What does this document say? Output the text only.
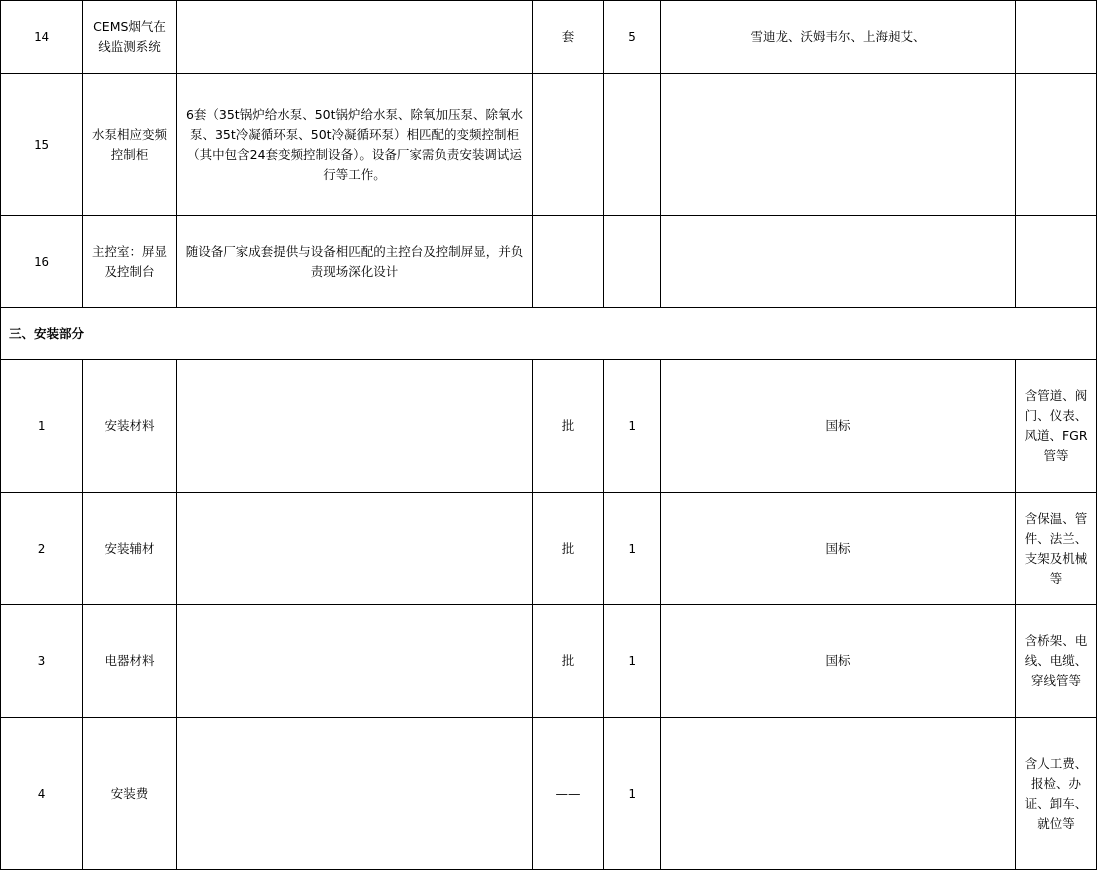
14	CEMS烟气在线监测系统		套	5	雪迪龙、沃姆韦尔、上海昶艾、	
15	水泵相应变频控制柜	6套（35t锅炉给水泵、50t锅炉给水泵、除氧加压泵、除氧水泵、35t冷凝循环泵、50t冷凝循环泵）相匹配的变频控制柜（其中包含24套变频控制设备）。设备厂家需负责安装调试运行等工作。				
16	主控室：屏显及控制台	随设备厂家成套提供与设备相匹配的主控台及控制屏显，并负责现场深化设计				
三、安装部分						
1	安装材料		批	1	国标	含管道、阀门、仪表、风道、FGR管等
2	安装辅材		批	1	国标	含保温、管件、法兰、支架及机械等
3	电器材料		批	1	国标	含桥架、电线、电缆、穿线管等
4	安装费		——	1		含人工费、报检、办证、卸车、就位等
